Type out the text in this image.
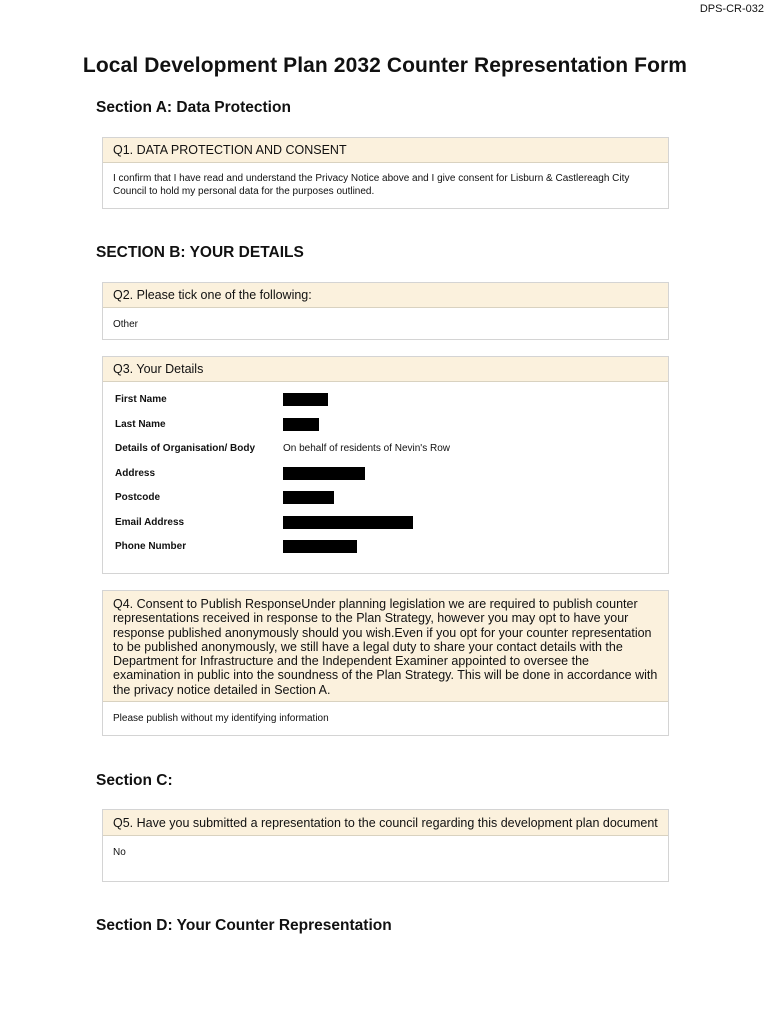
DPS-CR-032
Local Development Plan 2032 Counter Representation Form
Section A: Data Protection
Q1. DATA PROTECTION AND CONSENT
I confirm that I have read and understand the Privacy Notice above and I give consent for Lisburn & Castlereagh City Council to hold my personal data for the purposes outlined.
SECTION B: YOUR DETAILS
Q2. Please tick one of the following:
Other
Q3. Your Details
First Name
Last Name
Details of Organisation/ Body	On behalf of residents of Nevin's Row
Address
Postcode
Email Address
Phone Number
Q4. Consent to Publish ResponseUnder planning legislation we are required to publish counter representations received in response to the Plan Strategy, however you may opt to have your response published anonymously should you wish.Even if you opt for your counter representation to be published anonymously, we still have a legal duty to share your contact details with the Department for Infrastructure and the Independent Examiner appointed to oversee the examination in public into the soundness of the Plan Strategy. This will be done in accordance with the privacy notice detailed in Section A.
Please publish without my identifying information
Section C:
Q5. Have you submitted a representation to the council regarding this development plan document
No
Section D: Your Counter Representation
